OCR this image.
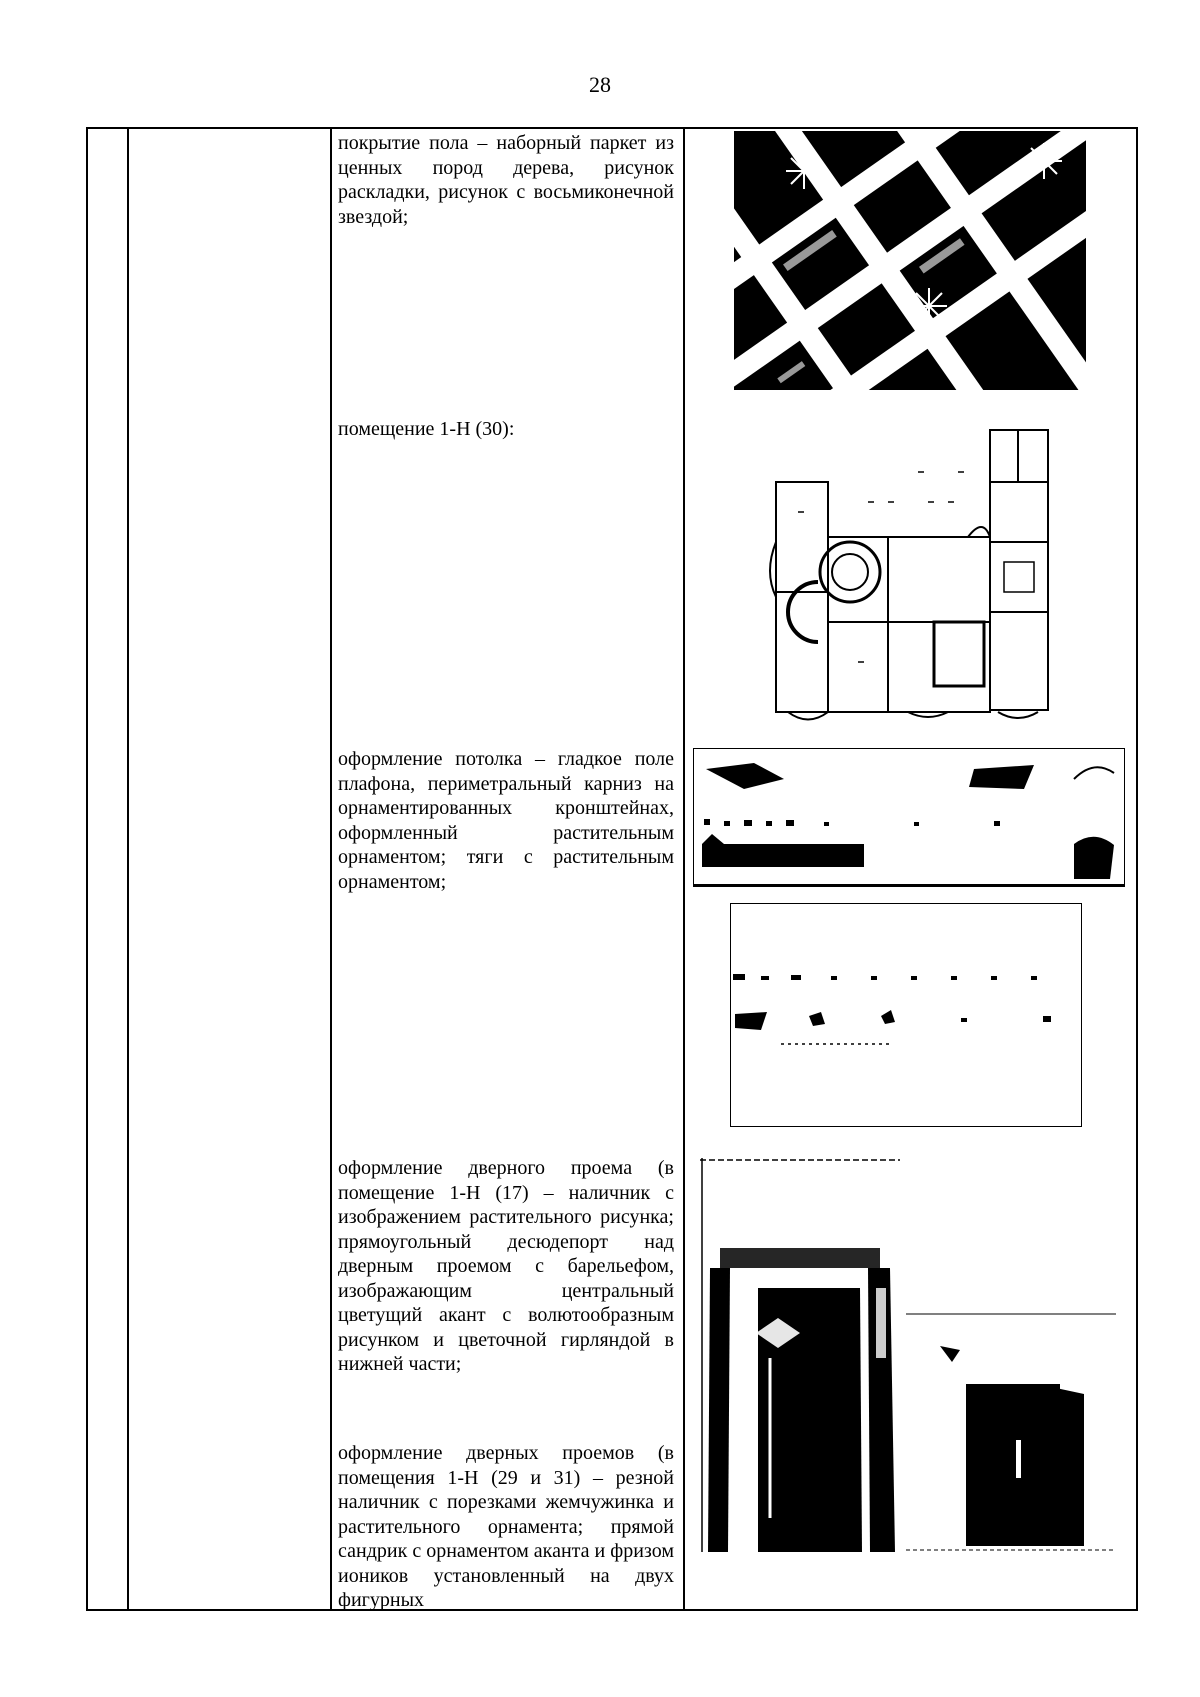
28
покрытие пола – наборный паркет из ценных пород дерева, рисунок раскладки, рисунок с восьмиконечной звездой;
помещение 1-Н (30):
оформление потолка – гладкое поле плафона, периметральный карниз на орнаментированных кронштейнах, оформленный растительным орнаментом; тяги с растительным орнаментом;
оформление дверного проема (в помещение 1-Н (17) – наличник с изображением растительного рисунка; прямоугольный десюдепорт над дверным проемом с барельефом, изображающим центральный цветущий акант с волютообразным рисунком и цветочной гирляндой в нижней части;
оформление дверных проемов (в помещения 1-Н (29 и 31) – резной наличник с порезками жемчужинка и растительного орнамента; прямой сандрик с орнаментом аканта и фризом иоников установленный на двух фигурных
